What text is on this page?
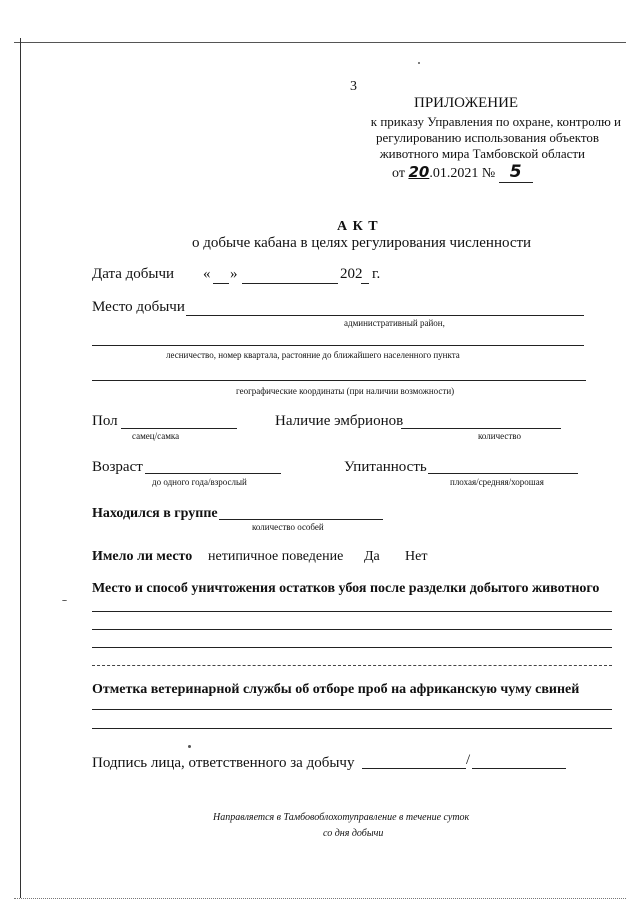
3
ПРИЛОЖЕНИЕ
к приказу Управления по охране, контролю и
регулированию использования объектов
животного мира Тамбовской области
от 20.01.2021 № 5
А К Т
о добыче кабана в целях регулирования численности
Дата добычи « »	202 г.
Место добычи
административный район,
лесничество, номер квартала, растояние до ближайшего населенного пункта
географические координаты (при наличии возможности)
Пол
самец/самка
Наличие эмбрионов
количество
Возраст
до одного года/взрослый
Упитанность
плохая/средняя/хорошая
Находился в группе
количество особей
Имело ли место нетипичное поведение Да Нет
Место и способ уничтожения остатков убоя после разделки добытого животного
Отметка ветеринарной службы об отборе проб на африканскую чуму свиней
Подпись лица, ответственного за добычу	/
Направляется в Тамбовоблохотуправление в течение суток
со дня добычи
